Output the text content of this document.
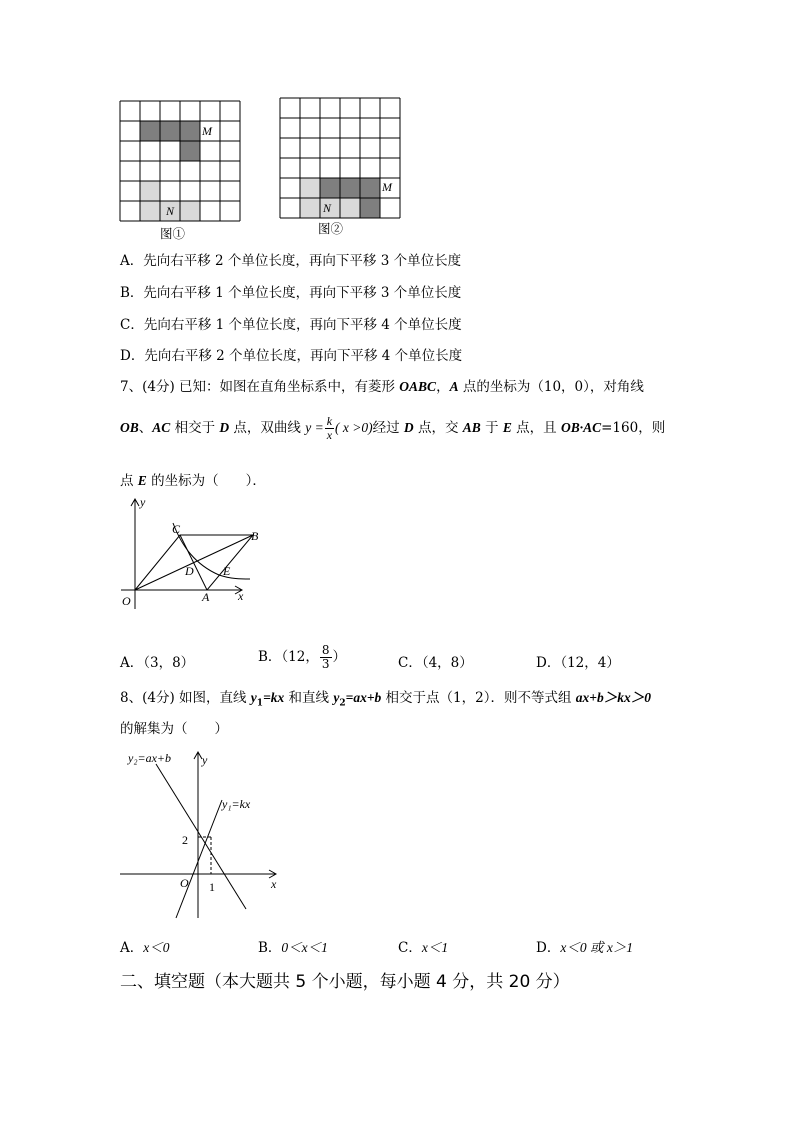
M
N
图①
M
N
图②
A．先向右平移 2 个单位长度，再向下平移 3 个单位长度
B．先向右平移 1 个单位长度，再向下平移 3 个单位长度
C．先向右平移 1 个单位长度，再向下平移 4 个单位长度
D．先向右平移 2 个单位长度，再向下平移 4 个单位长度
7、(4分) 已知：如图在直角坐标系中，有菱形 OABC，A 点的坐标为（10，0），对角线
OB、AC 相交于 D 点，双曲线 $y = \frac{k}{x}$ ( x >0)经过 D 点，交 AB 于 E 点，且 OB·AC=160，则
点 E 的坐标为（　　）．
y
x
O	A
B
C
D E
A．（3，8）	B．（12， $\frac{8}{3}$ ）	C．（4，8）	D．（12，4）
8、(4分) 如图，直线 $y_1=kx$ 和直线 $y_2=ax+b$ 相交于点（1，2）．则不等式组 ax+b＞kx＞0
的解集为（　　）
y₂=ax+b
y₁=kx
y
x
O
2
1
A．x＜0	B．0＜x＜1	C．x＜1	D．x＜0 或 x＞1
二、填空题（本大题共 5 个小题，每小题 4 分，共 20 分）
